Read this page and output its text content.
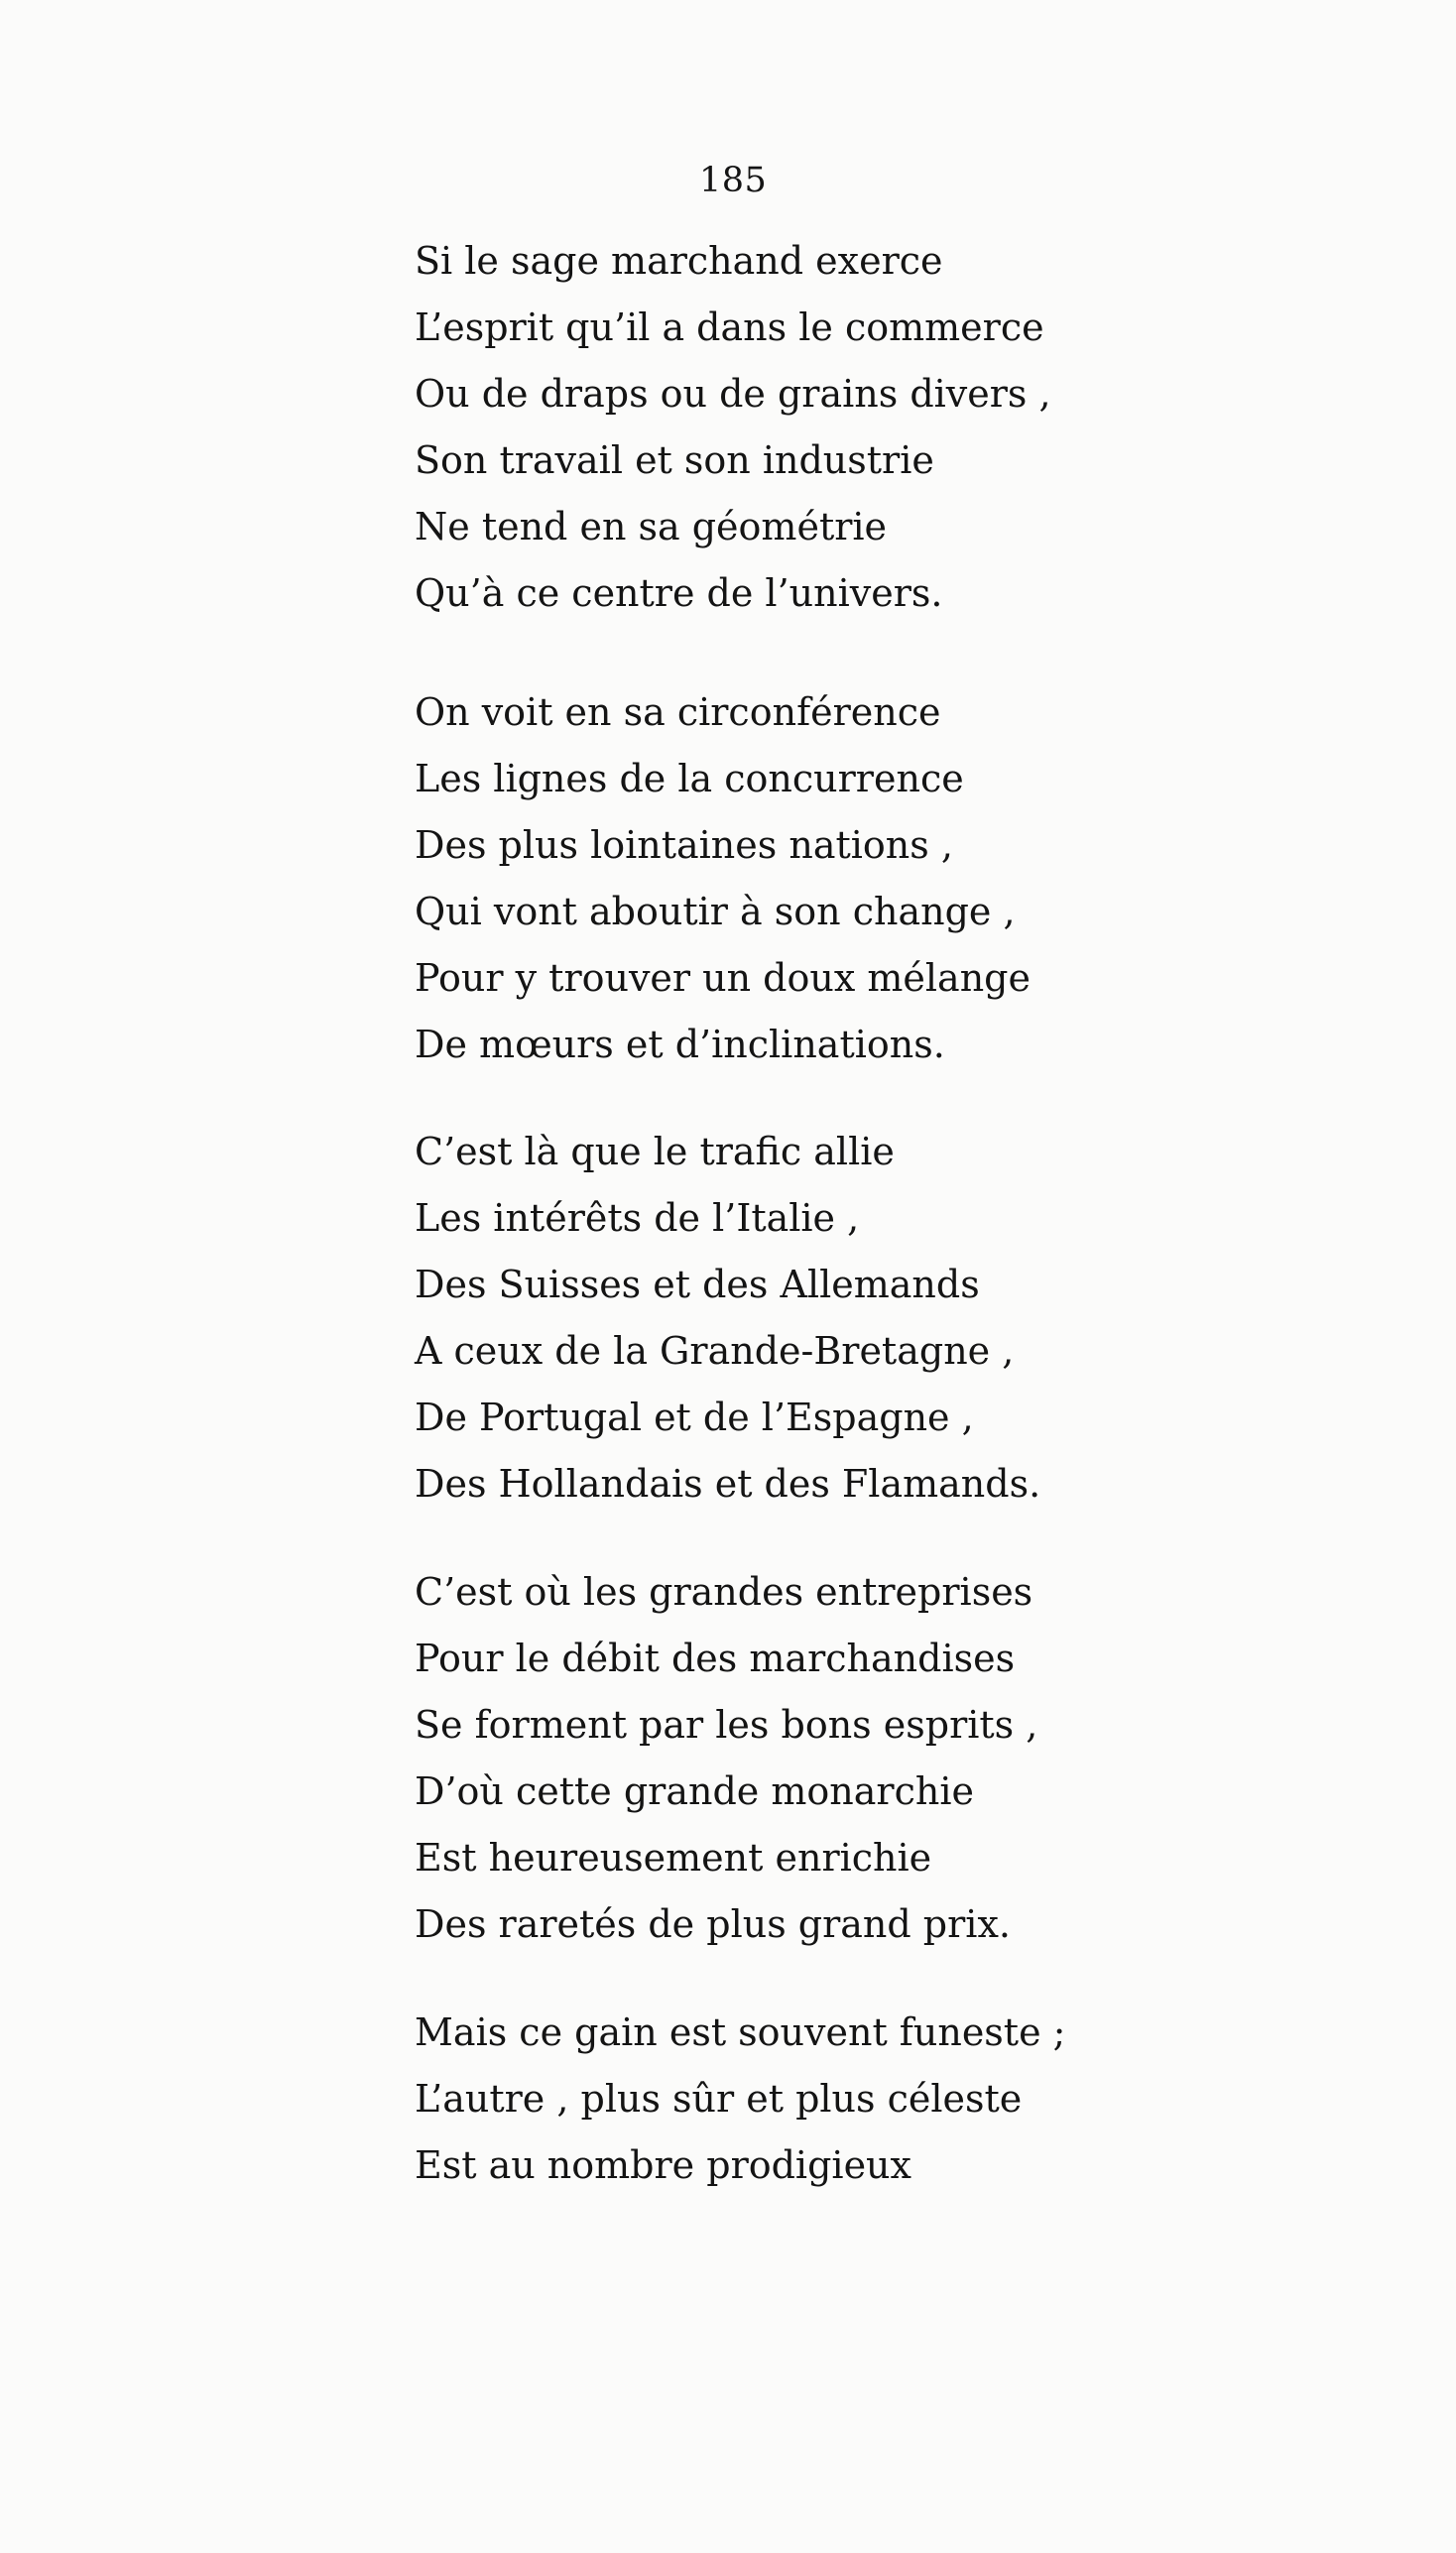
185
Si le sage marchand exerce
L’esprit qu’il a dans le commerce
Ou de draps ou de grains divers ,
Son travail et son industrie
Ne tend en sa géométrie
Qu’à ce centre de l’univers.
On voit en sa circonférence
Les lignes de la concurrence
Des plus lointaines nations ,
Qui vont aboutir à son change ,
Pour y trouver un doux mélange
De mœurs et d’inclinations.
C’est là que le trafic allie
Les intérêts de l’Italie ,
Des Suisses et des Allemands
A ceux de la Grande-Bretagne ,
De Portugal et de l’Espagne ,
Des Hollandais et des Flamands.
C’est où les grandes entreprises
Pour le débit des marchandises
Se forment par les bons esprits ,
D’où cette grande monarchie
Est heureusement enrichie
Des raretés de plus grand prix.
Mais ce gain est souvent funeste ;
L’autre , plus sûr et plus céleste
Est au nombre prodigieux
